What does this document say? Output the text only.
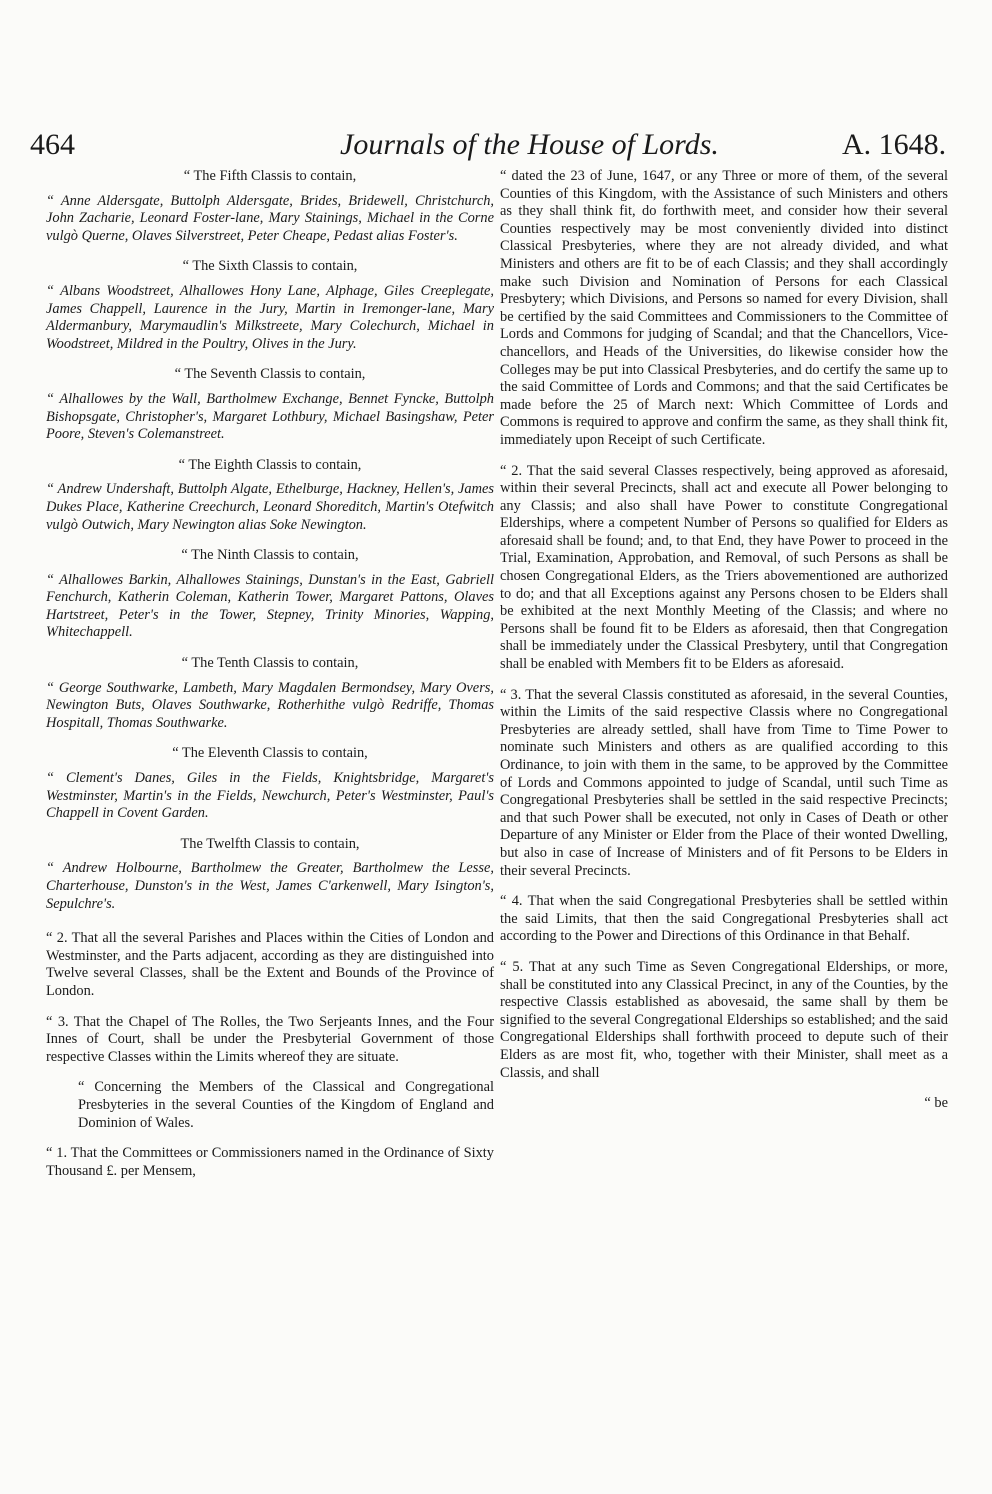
464	Journals of the House of Lords.	A. 1648.

“ The Fifth Classis to contain,

“ Anne Aldersgate, Buttolph Aldersgate, Brides, Bridewell, Christchurch, John Zacharie, Leonard Foster-lane, Mary Stainings, Michael in the Corne vulgò Querne, Olaves Silverstreet, Peter Cheape, Pedast alias Foster's.

“ The Sixth Classis to contain,

“ Albans Woodstreet, Alhallowes Hony Lane, Alphage, Giles Creeplegate, James Chappell, Laurence in the Jury, Martin in Iremonger-lane, Mary Aldermanbury, Marymaudlin's Milkstreete, Mary Colechurch, Michael in Woodstreet, Mildred in the Poultry, Olives in the Jury.

“ The Seventh Classis to contain,

“ Alhallowes by the Wall, Bartholmew Exchange, Bennet Fyncke, Buttolph Bishopsgate, Christopher's, Margaret Lothbury, Michael Basingshaw, Peter Poore, Steven's Colemanstreet.

“ The Eighth Classis to contain,

“ Andrew Undershaft, Buttolph Algate, Ethelburge, Hackney, Hellen's, James Dukes Place, Katherine Creechurch, Leonard Shoreditch, Martin's Otefwitch vulgò Outwich, Mary Newington alias Soke Newington.

“ The Ninth Classis to contain,

“ Alhallowes Barkin, Alhallowes Stainings, Dunstan's in the East, Gabriell Fenchurch, Katherin Coleman, Katherin Tower, Margaret Pattons, Olaves Hartstreet, Peter's in the Tower, Stepney, Trinity Minories, Wapping, Whitechappell.

“ The Tenth Classis to contain,

“ George Southwarke, Lambeth, Mary Magdalen Bermondsey, Mary Overs, Newington Buts, Olaves Southwarke, Rotherhithe vulgò Redriffe, Thomas Hospitall, Thomas Southwarke.

“ The Eleventh Classis to contain,

“ Clement's Danes, Giles in the Fields, Knightsbridge, Margaret's Westminster, Martin's in the Fields, Newchurch, Peter's Westminster, Paul's Chappell in Covent Garden.

The Twelfth Classis to contain,

“ Andrew Holbourne, Bartholmew the Greater, Bartholmew the Lesse, Charterhouse, Dunston's in the West, James C'arkenwell, Mary Isington's, Sepulchre's.

“ 2. That all the several Parishes and Places within the Cities of London and Westminster, and the Parts adjacent, according as they are distinguished into Twelve several Classes, shall be the Extent and Bounds of the Province of London.

“ 3. That the Chapel of The Rolles, the Two Serjeants Innes, and the Four Innes of Court, shall be under the Presbyterial Government of those respective Classes within the Limits whereof they are situate.

“ Concerning the Members of the Classical and Congregational Presbyteries in the several Counties of the Kingdom of England and Dominion of Wales.

“ 1. That the Committees or Commissioners named in the Ordinance of Sixty Thousand £. per Mensem,

“ dated the 23 of June, 1647, or any Three or more of them, of the several Counties of this Kingdom, with the Assistance of such Ministers and others as they shall think fit, do forthwith meet, and consider how their several Counties respectively may be most conveniently divided into distinct Classical Presbyteries, where they are not already divided, and what Ministers and others are fit to be of each Classis; and they shall accordingly make such Division and Nomination of Persons for each Classical Presbytery; which Divisions, and Persons so named for every Division, shall be certified by the said Committees and Commissioners to the Committee of Lords and Commons for judging of Scandal; and that the Chancellors, Vice-chancellors, and Heads of the Universities, do likewise consider how the Colleges may be put into Classical Presbyteries, and do certify the same up to the said Committee of Lords and Commons; and that the said Certificates be made before the 25 of March next: Which Committee of Lords and Commons is required to approve and confirm the same, as they shall think fit, immediately upon Receipt of such Certificate.

“ 2. That the said several Classes respectively, being approved as aforesaid, within their several Precincts, shall act and execute all Power belonging to any Classis; and also shall have Power to constitute Congregational Elderships, where a competent Number of Persons so qualified for Elders as aforesaid shall be found; and, to that End, they have Power to proceed in the Trial, Examination, Approbation, and Removal, of such Persons as shall be chosen Congregational Elders, as the Triers abovementioned are authorized to do; and that all Exceptions against any Persons chosen to be Elders shall be exhibited at the next Monthly Meeting of the Classis; and where no Persons shall be found fit to be Elders as aforesaid, then that Congregation shall be immediately under the Classical Presbytery, until that Congregation shall be enabled with Members fit to be Elders as aforesaid.

“ 3. That the several Classis constituted as aforesaid, in the several Counties, within the Limits of the said respective Classis where no Congregational Presbyteries are already settled, shall have from Time to Time Power to nominate such Ministers and others as are qualified according to this Ordinance, to join with them in the same, to be approved by the Committee of Lords and Commons appointed to judge of Scandal, until such Time as Congregational Presbyteries shall be settled in the said respective Precincts; and that such Power shall be executed, not only in Cases of Death or other Departure of any Minister or Elder from the Place of their wonted Dwelling, but also in case of Increase of Ministers and of fit Persons to be Elders in their several Precincts.

“ 4. That when the said Congregational Presbyteries shall be settled within the said Limits, that then the said Congregational Presbyteries shall act according to the Power and Directions of this Ordinance in that Behalf.

“ 5. That at any such Time as Seven Congregational Elderships, or more, shall be constituted into any Classical Precinct, in any of the Counties, by the respective Classis established as abovesaid, the same shall by them be signified to the several Congregational Elderships so established; and the said Congregational Elderships shall forthwith proceed to depute such of their Elders as are most fit, who, together with their Minister, shall meet as a Classis, and shall

“ be
